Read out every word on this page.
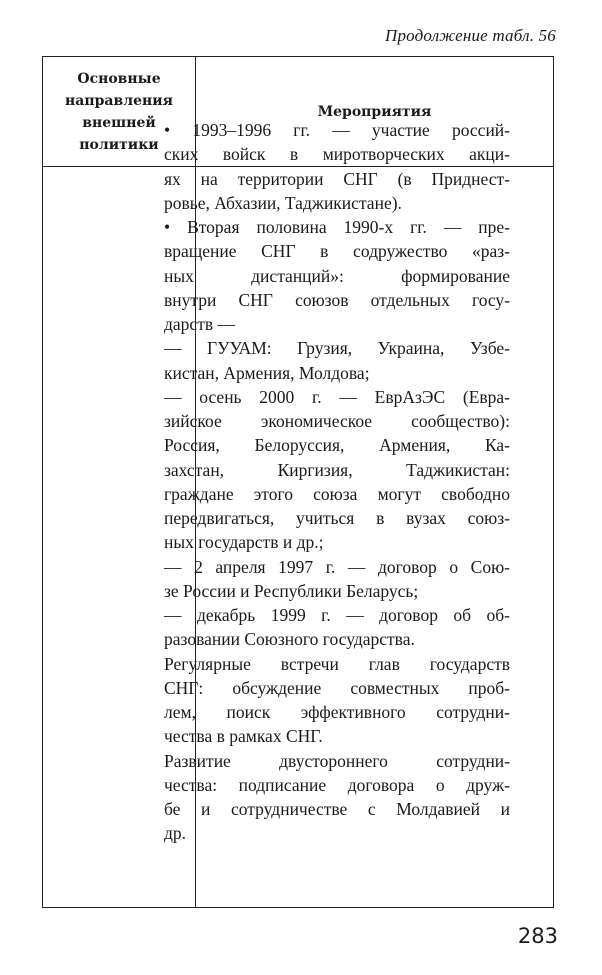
Продолжение табл. 56
Основные
направления
внешней
политики
Мероприятия
• 1993–1996 гг. — участие россий-
ских войск в миротворческих акци-
ях на территории СНГ (в Приднест-
ровье, Абхазии, Таджикистане).
• Вторая половина 1990-х гг. — пре-
вращение СНГ в содружество «раз-
ных дистанций»: формирование
внутри СНГ союзов отдельных госу-
дарств —
— ГУУАМ: Грузия, Украина, Узбе-
кистан, Армения, Молдова;
— осень 2000 г. — ЕврАзЭС (Евра-
зийское экономическое сообщество):
Россия, Белоруссия, Армения, Ка-
захстан, Киргизия, Таджикистан:
граждане этого союза могут свободно
передвигаться, учиться в вузах союз-
ных государств и др.;
— 2 апреля 1997 г. — договор о Сою-
зе России и Республики Беларусь;
— декабрь 1999 г. — договор об об-
разовании Союзного государства.
Регулярные встречи глав государств
СНГ: обсуждение совместных проб-
лем, поиск эффективного сотрудни-
чества в рамках СНГ.
Развитие двустороннего сотрудни-
чества: подписание договора о друж-
бе и сотрудничестве с Молдавией и
др.
283
